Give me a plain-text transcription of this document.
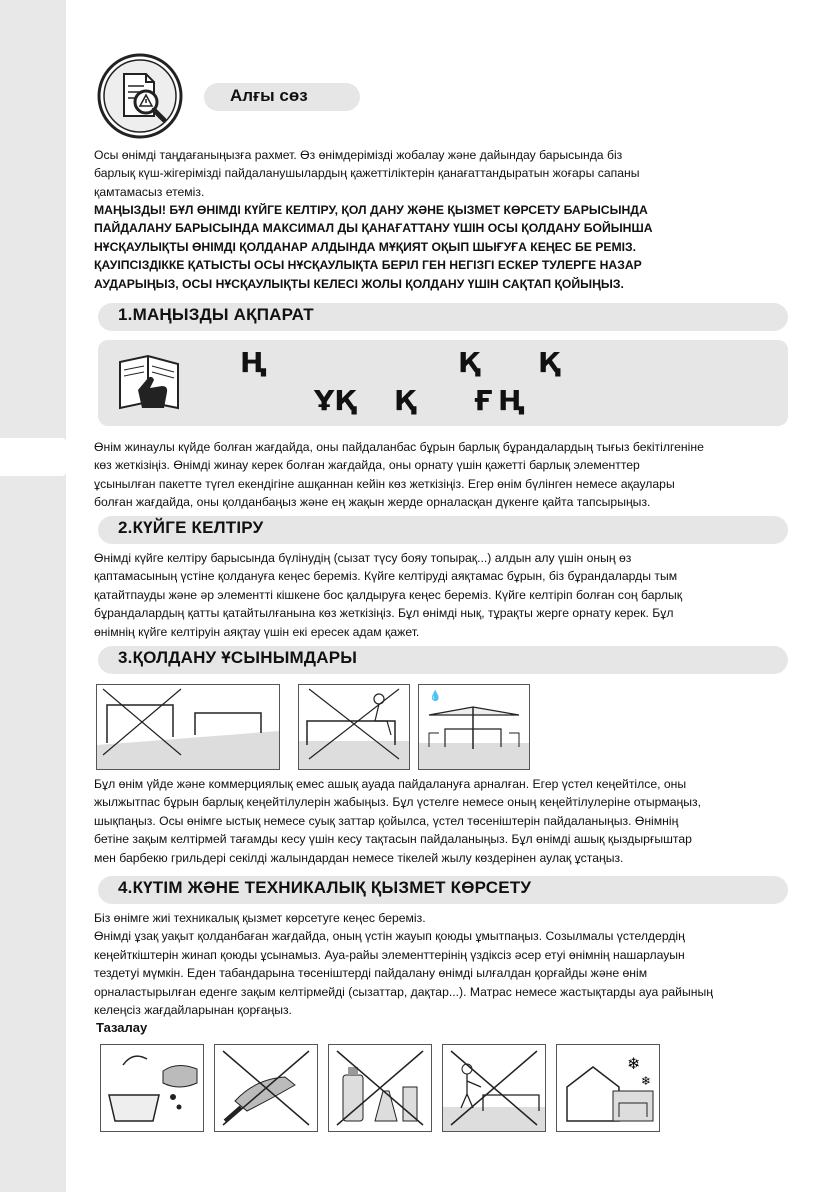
Алғы сөз
Осы өнімді таңдағаныңызға рахмет. Өз өнімдерімізді жобалау және дайындау барысында біз
барлық күш-жігерімізді пайдаланушылардың қажеттіліктерін қанағаттандыратын жоғары сапаны
қамтамасыз етеміз.
МАҢЫЗДЫ! БҰЛ ӨНІМДІ КҮЙГЕ КЕЛТІРУ, ҚОЛ ДАНУ ЖӘНЕ ҚЫЗМЕТ КӨРСЕТУ БАРЫСЫНДА
ПАЙДАЛАНУ БАРЫСЫНДА МАКСИМАЛ ДЫ ҚАНАҒАТТАНУ ҮШІН ОСЫ ҚОЛДАНУ БОЙЫНША
НҰСҚАУЛЫҚТЫ ӨНІМДІ ҚОЛДАНАР АЛДЫНДА МҰҚИЯТ ОҚЫП ШЫҒУҒА КЕҢЕС БЕ РЕМІЗ.
ҚАУІПСІЗДІККЕ ҚАТЫСТЫ ОСЫ НҰСҚАУЛЫҚТА БЕРІЛ ГЕН НЕГІЗГІ ЕСКЕР ТУЛЕРГЕ НАЗАР
АУДАРЫҢЫЗ, ОСЫ НҰСҚАУЛЫҚТЫ КЕЛЕСІ ЖОЛЫ ҚОЛДАНУ ҮШІН САҚТАП ҚОЙЫҢЫЗ.
1.МАҢЫЗДЫ АҚПАРАТ
Ң	Қ Қ
ҰҚ Қ Ғ Ң
Өнім жинаулы күйде болған жағдайда, оны пайдаланбас бұрын барлық бұрандалардың тығыз бекітілгеніне
көз жеткізіңіз. Өнімді жинау керек болған жағдайда, оны орнату үшін қажетті барлық элементтер
ұсынылған пакетте түгел екендігіне ашқаннан кейін көз жеткізіңіз. Егер өнім бүлінген немесе ақаулары
болған жағдайда, оны қолданбаңыз және ең жақын жерде орналасқан дүкенге қайта тапсырыңыз.
2.КҮЙГЕ КЕЛТІРУ
Өнімді күйге келтіру барысында бүлінудің (сызат түсу бояу топырақ...) алдын алу үшін оның өз
қаптамасының үстіне қолдануға кеңес береміз. Күйге келтіруді аяқтамас бұрын, біз бұрандаларды тым
қатайтпауды және әр элементті кішкене бос қалдыруға кеңес береміз. Күйге келтіріп болған соң барлық
бұрандалардың қатты қатайтылғанына көз жеткізіңіз. Бұл өнімді нық, тұрақты жерге орнату керек. Бұл
өнімнің күйге келтіруін аяқтау үшін екі ересек адам қажет.
3.ҚОЛДАНУ ҰСЫНЫМДАРЫ
💧
Бұл өнім үйде және коммерциялық емес ашық ауада пайдалануға арналған. Егер үстел кеңейтілсе, оны
жылжытпас бұрын барлық кеңейтілулерін жабыңыз. Бұл үстелге немесе оның кеңейтілулеріне отырмаңыз,
шықпаңыз. Осы өнімге ыстық немесе суық заттар қойылса, үстел төсеніштерін пайдаланыңыз. Өнімнің
бетіне зақым келтірмей тағамды кесу үшін кесу тақтасын пайдаланыңыз. Бұл өнімді ашық қыздырғыштар
мен барбекю грильдері секілді жалындардан немесе тікелей жылу көздерінен аулақ ұстаңыз.
4.КҮТІМ ЖӘНЕ ТЕХНИКАЛЫҚ ҚЫЗМЕТ КӨРСЕТУ
Біз өнімге жиі техникалық қызмет көрсетуге кеңес береміз.
Өнімді ұзақ уақыт қолданбаған жағдайда, оның үстін жауып қоюды ұмытпаңыз. Созылмалы үстелдердің
кеңейткіштерін жинап қоюды ұсынамыз. Ауа-райы элементтерінің үздіксіз әсер етуі өнімнің нашарлауын
тездетуі мүмкін. Еден табандарына төсеніштерді пайдалану өнімді ылғалдан қорғайды және өнім
орналастырылған еденге зақым келтірмейді (сызаттар, дақтар...). Матрас немесе жастықтарды ауа райының
келеңсіз жағдайларынан қорғаңыз.
Тазалау
❄
❄
